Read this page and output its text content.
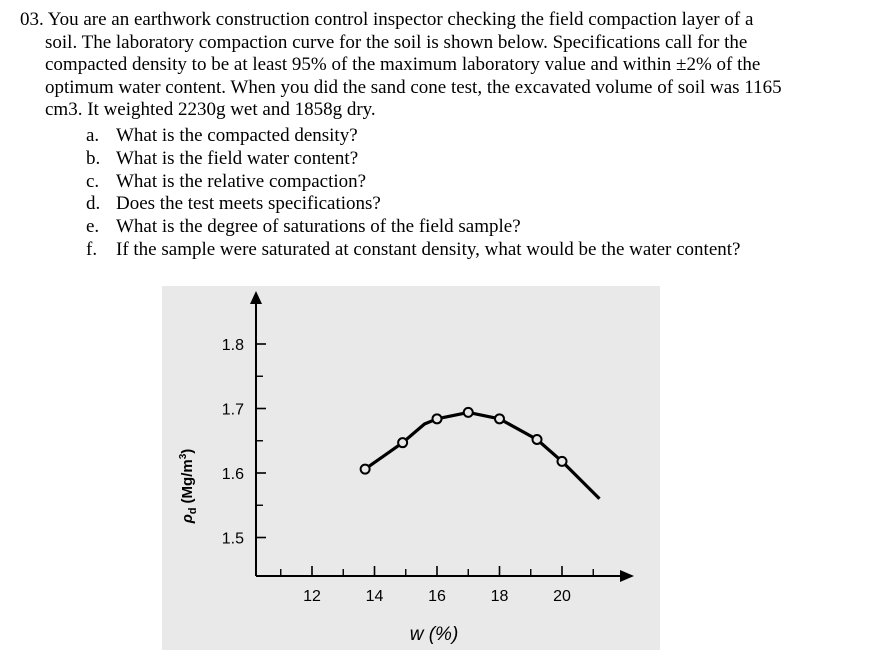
03. You are an earthwork construction control inspector checking the field compaction layer of a
soil. The laboratory compaction curve for the soil is shown below. Specifications call for the
compacted density to be at least 95% of the maximum laboratory value and within ±2% of the
optimum water content. When you did the sand cone test, the excavated volume of soil was 1165
cm3. It weighted 2230g wet and 1858g dry.
a. What is the compacted density?
b. What is the field water content?
c. What is the relative compaction?
d. Does the test meets specifications?
e. What is the degree of saturations of the field sample?
f. If the sample were saturated at constant density, what would be the water content?
1.5
1.6
1.7
1.8
12	14	16	18	20
w (%)
$\rho_d(Mg/m^3)$
